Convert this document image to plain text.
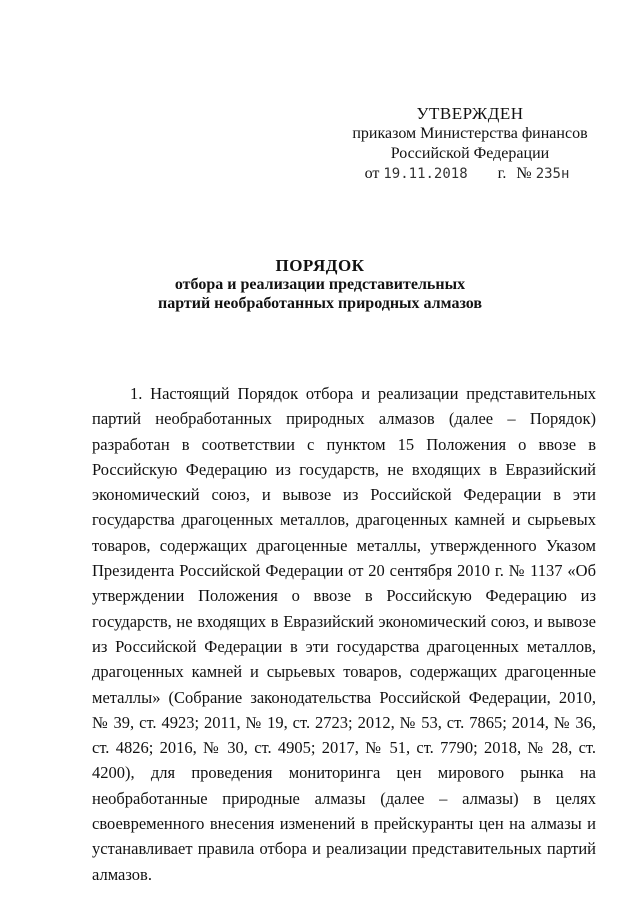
УТВЕРЖДЕН
приказом Министерства финансов
Российской Федерации
от 19.11.2018 г. № 235н
ПОРЯДОК
отбора и реализации представительных
партий необработанных природных алмазов

1. Настоящий Порядок отбора и реализации представительных партий необработанных природных алмазов (далее – Порядок) разработан в соответствии с пунктом 15 Положения о ввозе в Российскую Федерацию из государств, не входящих в Евразийский экономический союз, и вывозе из Российской Федерации в эти государства драгоценных металлов, драгоценных камней и сырьевых товаров, содержащих драгоценные металлы, утвержденного Указом Президента Российской Федерации от 20 сентября 2010 г. № 1137 «Об утверждении Положения о ввозе в Российскую Федерацию из государств, не входящих в Евразийский экономический союз, и вывозе из Российской Федерации в эти государства драгоценных металлов, драгоценных камней и сырьевых товаров, содержащих драгоценные металлы» (Собрание законодательства Российской Федерации, 2010, № 39, ст. 4923; 2011, № 19, ст. 2723; 2012, № 53, ст. 7865; 2014, № 36, ст. 4826; 2016, № 30, ст. 4905; 2017, № 51, ст. 7790; 2018, № 28, ст. 4200), для проведения мониторинга цен мирового рынка на необработанные природные алмазы (далее – алмазы) в целях своевременного внесения изменений в прейскуранты цен на алмазы и устанавливает правила отбора и реализации представительных партий алмазов.
